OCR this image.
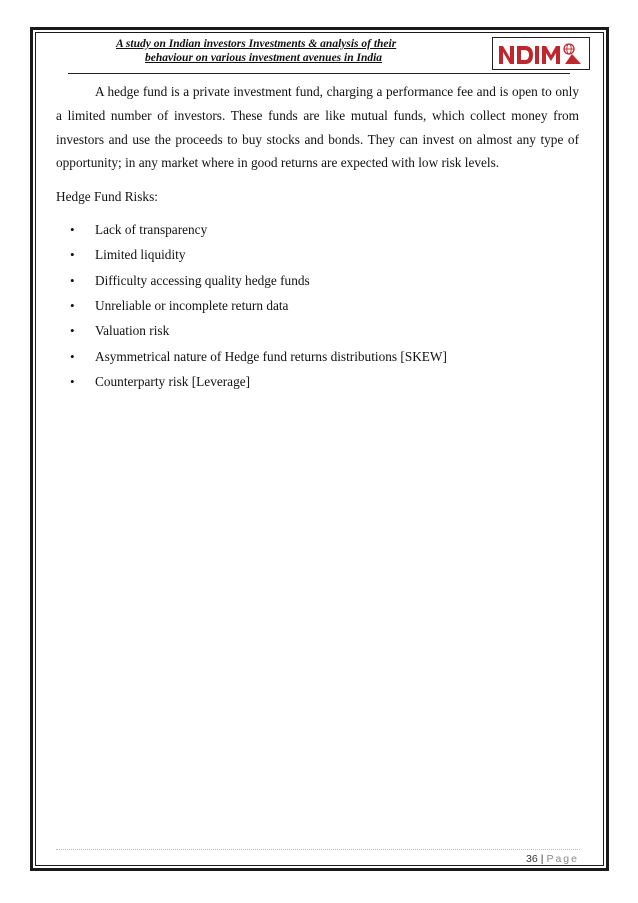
A study on Indian investors Investments & analysis of their
behaviour on various investment avenues in India

A hedge fund is a private investment fund, charging a performance fee and is open to only a limited number of investors. These funds are like mutual funds, which collect money from investors and use the proceeds to buy stocks and bonds. They can invest on almost any type of opportunity; in any market where in good returns are expected with low risk levels.

Hedge Fund Risks:

•	Lack of transparency
•	Limited liquidity
•	Difficulty accessing quality hedge funds
•	Unreliable or incomplete return data
•	Valuation risk
•	Asymmetrical nature of Hedge fund returns distributions [SKEW]
•	Counterparty risk [Leverage]
36 | Page
